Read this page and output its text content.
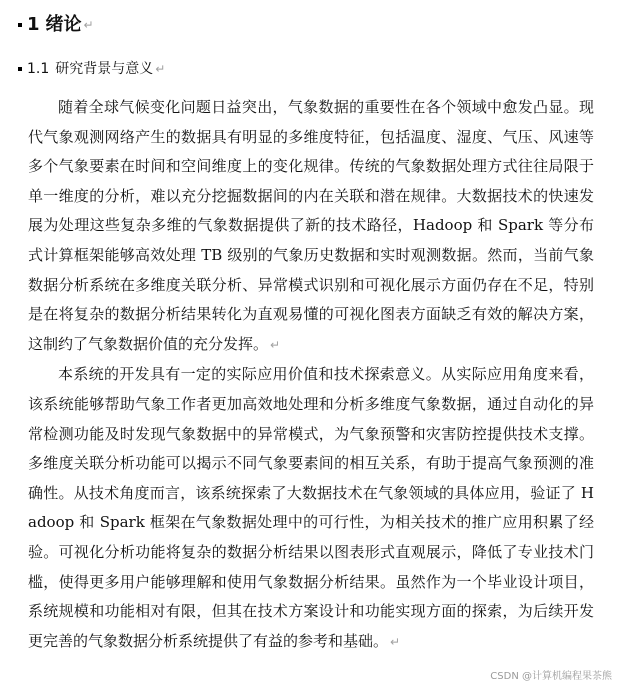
1 绪论 ↵
1.1 研究背景与意义 ↵

随着全球气候变化问题日益突出，气象数据的重要性在各个领域中愈发凸显。现代气象观测网络产生的数据具有明显的多维度特征，包括温度、湿度、气压、风速等多个气象要素在时间和空间维度上的变化规律。传统的气象数据处理方式往往局限于单一维度的分析，难以充分挖掘数据间的内在关联和潜在规律。大数据技术的快速发展为处理这些复杂多维的气象数据提供了新的技术路径，Hadoop 和 Spark 等分布式计算框架能够高效处理 TB 级别的气象历史数据和实时观测数据。然而，当前气象数据分析系统在多维度关联分析、异常模式识别和可视化展示方面仍存在不足，特别是在将复杂的数据分析结果转化为直观易懂的可视化图表方面缺乏有效的解决方案，这制约了气象数据价值的充分发挥。 ↵

本系统的开发具有一定的实际应用价值和技术探索意义。从实际应用角度来看，该系统能够帮助气象工作者更加高效地处理和分析多维度气象数据，通过自动化的异常检测功能及时发现气象数据中的异常模式，为气象预警和灾害防控提供技术支撑。多维度关联分析功能可以揭示不同气象要素间的相互关系，有助于提高气象预测的准确性。从技术角度而言，该系统探索了大数据技术在气象领域的具体应用，验证了 Hadoop 和 Spark 框架在气象数据处理中的可行性，为相关技术的推广应用积累了经验。可视化分析功能将复杂的数据分析结果以图表形式直观展示，降低了专业技术门槛，使得更多用户能够理解和使用气象数据分析结果。虽然作为一个毕业设计项目，系统规模和功能相对有限，但其在技术方案设计和功能实现方面的探索，为后续开发更完善的气象数据分析系统提供了有益的参考和基础。 ↵

CSDN @计算机编程果茶熊
